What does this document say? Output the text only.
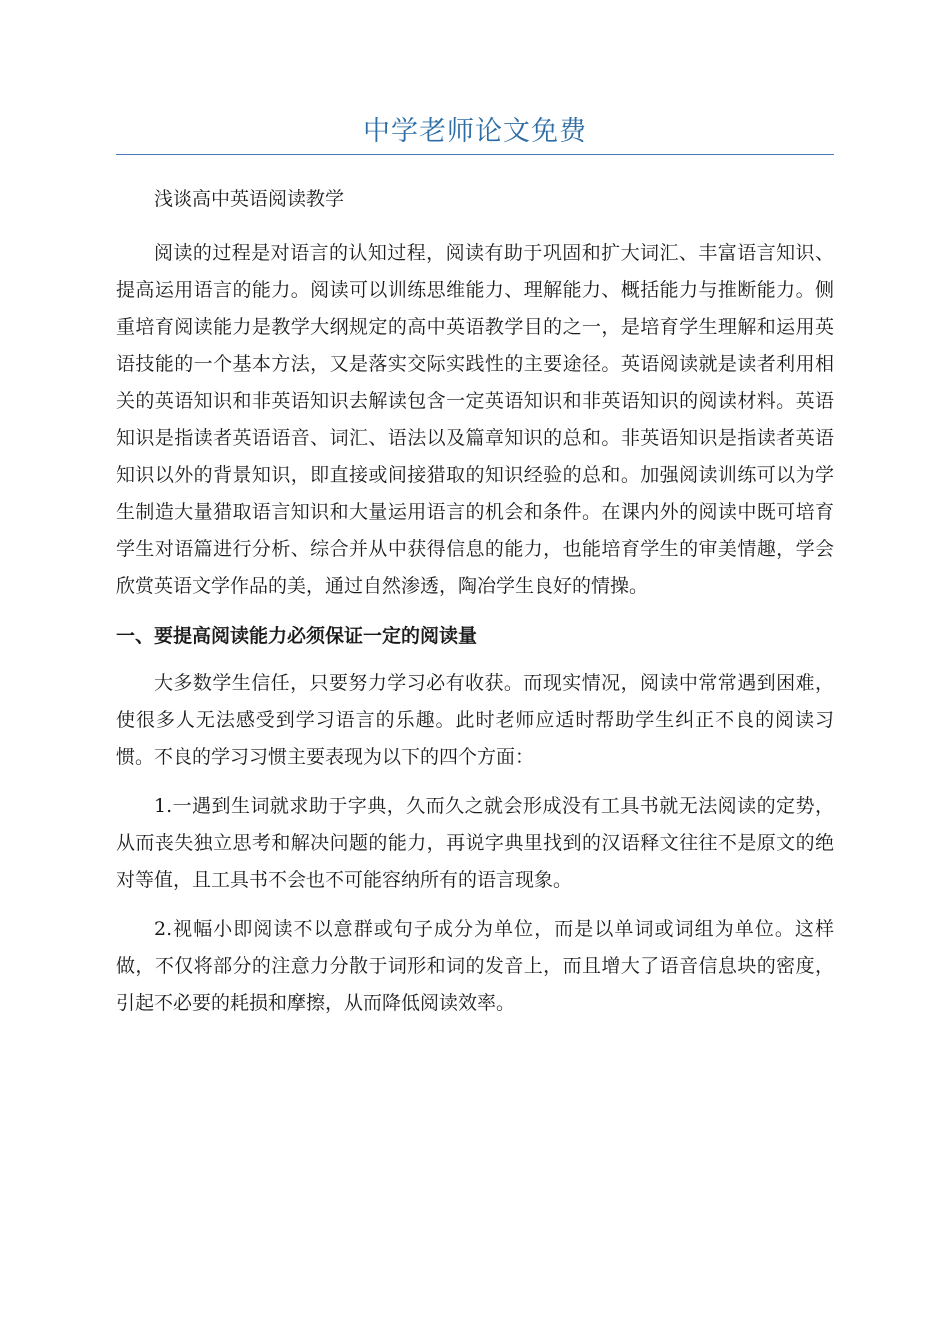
中学老师论文免费
浅谈高中英语阅读教学
阅读的过程是对语言的认知过程，阅读有助于巩固和扩大词汇、丰富语言知识、提高运用语言的能力。阅读可以训练思维能力、理解能力、概括能力与推断能力。侧重培育阅读能力是教学大纲规定的高中英语教学目的之一，是培育学生理解和运用英语技能的一个基本方法，又是落实交际实践性的主要途径。英语阅读就是读者利用相关的英语知识和非英语知识去解读包含一定英语知识和非英语知识的阅读材料。英语知识是指读者英语语音、词汇、语法以及篇章知识的总和。非英语知识是指读者英语知识以外的背景知识，即直接或间接猎取的知识经验的总和。加强阅读训练可以为学生制造大量猎取语言知识和大量运用语言的机会和条件。在课内外的阅读中既可培育学生对语篇进行分析、综合并从中获得信息的能力，也能培育学生的审美情趣，学会欣赏英语文学作品的美，通过自然渗透，陶冶学生良好的情操。
一、要提高阅读能力必须保证一定的阅读量
大多数学生信任，只要努力学习必有收获。而现实情况，阅读中常常遇到困难，使很多人无法感受到学习语言的乐趣。此时老师应适时帮助学生纠正不良的阅读习惯。不良的学习习惯主要表现为以下的四个方面：
1.一遇到生词就求助于字典，久而久之就会形成没有工具书就无法阅读的定势，从而丧失独立思考和解决问题的能力，再说字典里找到的汉语释文往往不是原文的绝对等值，且工具书不会也不可能容纳所有的语言现象。
2.视幅小即阅读不以意群或句子成分为单位，而是以单词或词组为单位。这样做，不仅将部分的注意力分散于词形和词的发音上，而且增大了语音信息块的密度，引起不必要的耗损和摩擦，从而降低阅读效率。
